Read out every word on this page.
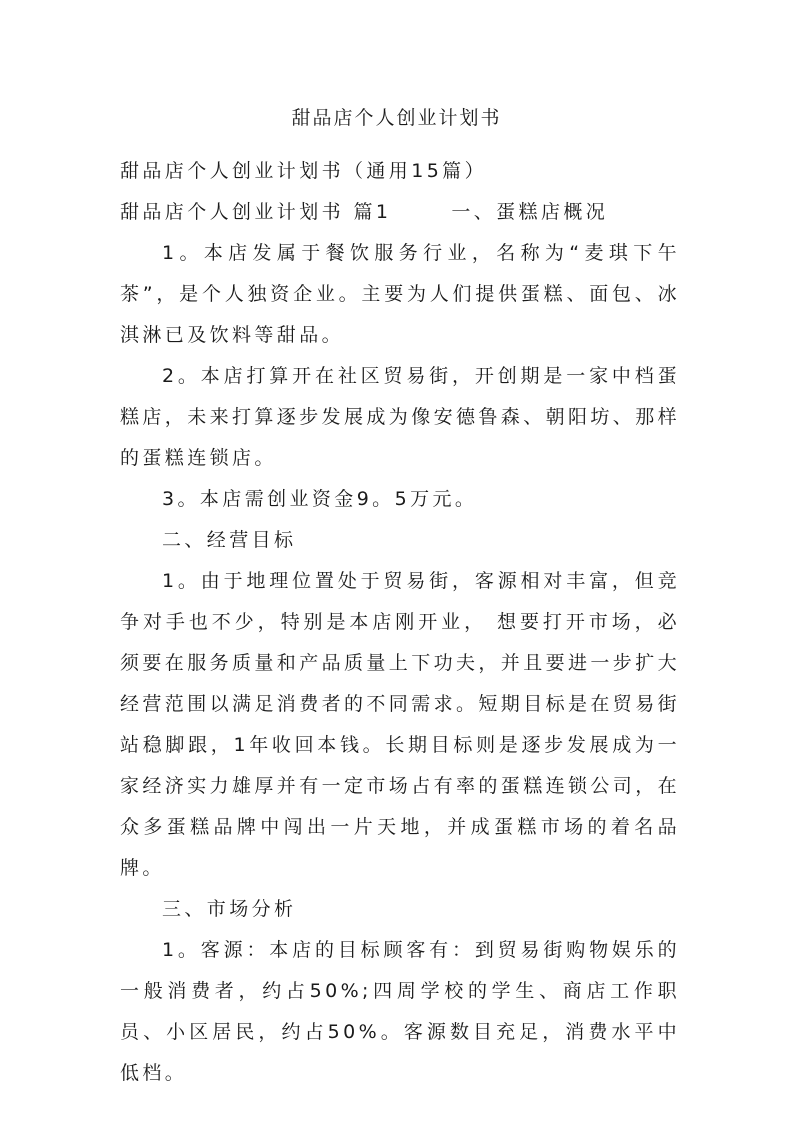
甜品店个人创业计划书

甜品店个人创业计划书（通用15篇）

甜品店个人创业计划书 篇1	一、蛋糕店概况

1。本店发属于餐饮服务行业，名称为“麦琪下午茶”，是个人独资企业。主要为人们提供蛋糕、面包、冰淇淋已及饮料等甜品。

2。本店打算开在社区贸易街，开创期是一家中档蛋糕店，未来打算逐步发展成为像安德鲁森、朝阳坊、那样的蛋糕连锁店。

3。本店需创业资金9。5万元。

二、经营目标

1。由于地理位置处于贸易街，客源相对丰富，但竞争对手也不少，特别是本店刚开业， 想要打开市场，必须要在服务质量和产品质量上下功夫，并且要进一步扩大经营范围以满足消费者的不同需求。短期目标是在贸易街站稳脚跟，1年收回本钱。长期目标则是逐步发展成为一家经济实力雄厚并有一定市场占有率的蛋糕连锁公司，在众多蛋糕品牌中闯出一片天地，并成蛋糕市场的着名品牌。

三、市场分析

1。客源：本店的目标顾客有：到贸易街购物娱乐的一般消费者，约占50%;四周学校的学生、商店工作职员、小区居民，约占50%。客源数目充足，消费水平中低档。
